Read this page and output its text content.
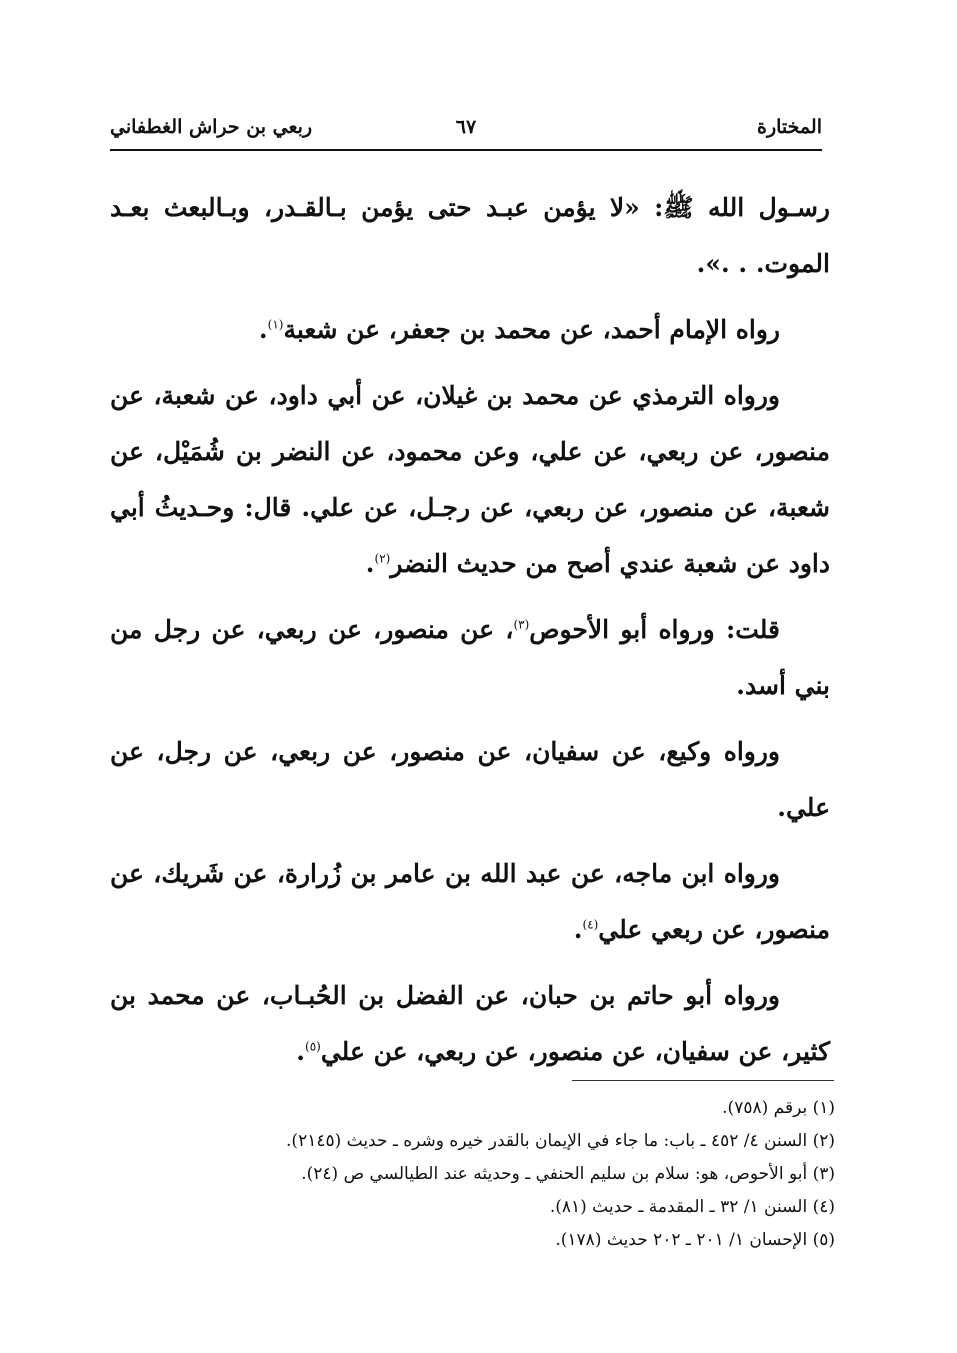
المختارة
٦٧
ربعي بن حراش الغطفاني

رسـول الله ﷺ: «لا يؤمن عبـد حتى يؤمن بـالقـدر، وبـالبعث بعـد الموت. . .».

رواه الإمام أحمد، عن محمد بن جعفر، عن شعبة$^{(١)}$.

ورواه الترمذي عن محمد بن غيلان، عن أبي داود، عن شعبة، عن منصور، عن ربعي، عن علي، وعن محمود، عن النضر بن شُمَيْل، عن شعبة، عن منصور، عن ربعي، عن رجـل، عن علي. قال: وحـديثُ أبي داود عن شعبة عندي أصح من حديث النضر$^{(٢)}$.

قلت: ورواه أبو الأحوص$^{(٣)}$، عن منصور، عن ربعي، عن رجل من بني أسد.

ورواه وكيع، عن سفيان، عن منصور، عن ربعي، عن رجل، عن علي.

ورواه ابن ماجه، عن عبد الله بن عامر بن زُرارة، عن شَريك، عن منصور، عن ربعي علي$^{(٤)}$.

ورواه أبو حاتم بن حبان، عن الفضل بن الحُبـاب، عن محمد بن كثير، عن سفيان، عن منصور، عن ربعي، عن علي$^{(٥)}$.

(١) برقم (٧٥٨).
(٢) السنن ٤/ ٤٥٢ ـ باب: ما جاء في الإيمان بالقدر خيره وشره ـ حديث (٢١٤٥).
(٣) أبو الأحوص، هو: سلام بن سليم الحنفي ـ وحديثه عند الطيالسي ص (٢٤).
(٤) السنن ١/ ٣٢ ـ المقدمة ـ حديث (٨١).
(٥) الإحسان ١/ ٢٠١ ـ ٢٠٢ حديث (١٧٨).
